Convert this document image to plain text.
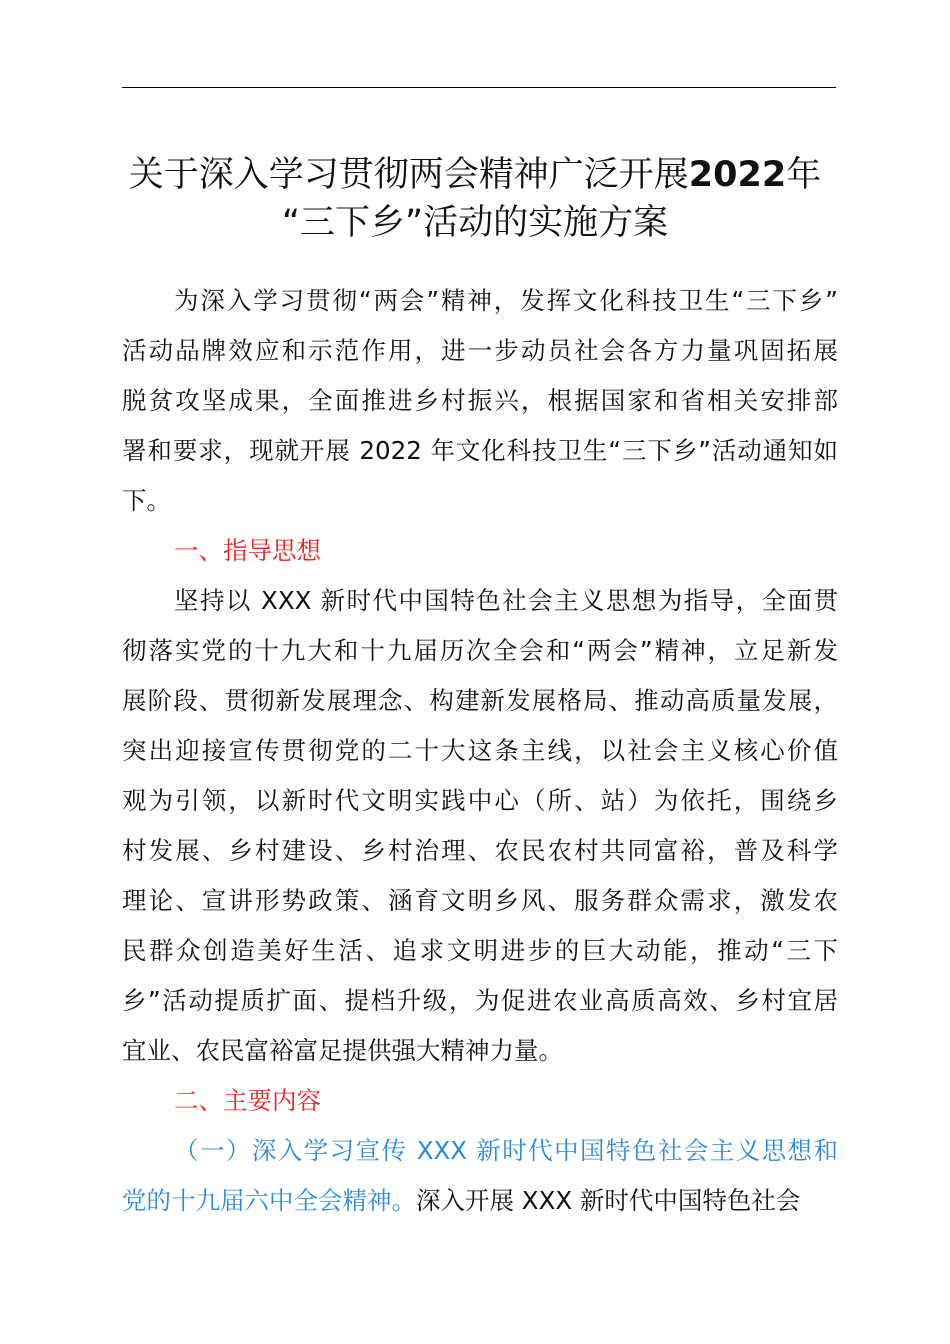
关于深入学习贯彻两会精神广泛开展2022年
“三下乡”活动的实施方案
为深入学习贯彻“两会”精神，发挥文化科技卫生“三下乡”
活动品牌效应和示范作用，进一步动员社会各方力量巩固拓展
脱贫攻坚成果，全面推进乡村振兴，根据国家和省相关安排部
署和要求，现就开展 2022 年文化科技卫生“三下乡”活动通知如
下。
一、指导思想
坚持以 XXX 新时代中国特色社会主义思想为指导，全面贯
彻落实党的十九大和十九届历次全会和“两会”精神，立足新发
展阶段、贯彻新发展理念、构建新发展格局、推动高质量发展，
突出迎接宣传贯彻党的二十大这条主线，以社会主义核心价值
观为引领，以新时代文明实践中心（所、站）为依托，围绕乡
村发展、乡村建设、乡村治理、农民农村共同富裕，普及科学
理论、宣讲形势政策、涵育文明乡风、服务群众需求，激发农
民群众创造美好生活、追求文明进步的巨大动能，推动“三下
乡”活动提质扩面、提档升级，为促进农业高质高效、乡村宜居
宜业、农民富裕富足提供强大精神力量。
二、主要内容
（一）深入学习宣传 XXX 新时代中国特色社会主义思想和
党的十九届六中全会精神。深入开展 XXX 新时代中国特色社会
